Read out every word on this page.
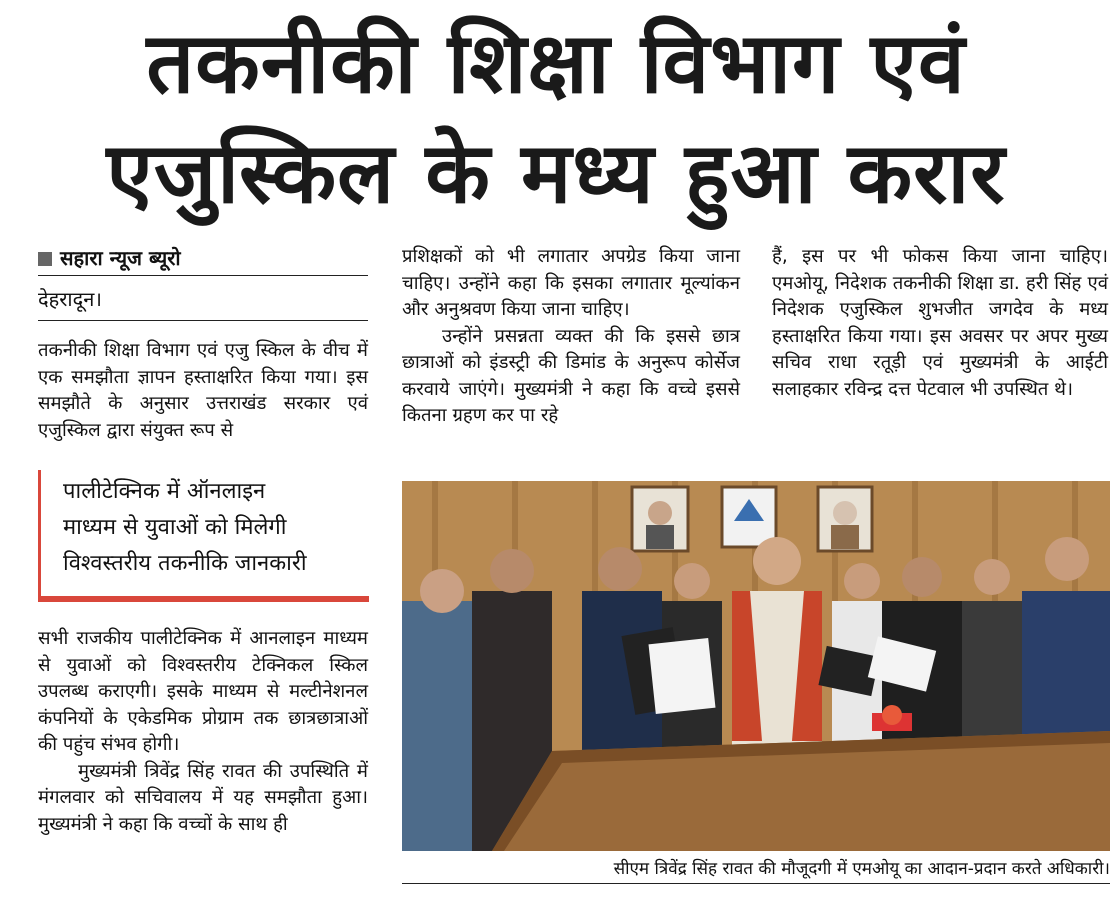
तकनीकी शिक्षा विभाग एवं
एजुस्किल के मध्य हुआ करार
सहारा न्यूज ब्यूरो
देहरादून।

तकनीकी शिक्षा विभाग एवं एजु स्किल के वीच में एक समझौता ज्ञापन हस्ताक्षरित किया गया। इस समझौते के अनुसार उत्तराखंड सरकार एवं एजुस्किल द्वारा संयुक्त रूप से

पालीटेक्निक में ऑनलाइन
माध्यम से युवाओं को मिलेगी
विश्वस्तरीय तकनीकि जानकारी

सभी राजकीय पालीटेक्निक में आनलाइन माध्यम से युवाओं को विश्वस्तरीय टेक्निकल स्किल उपलब्ध कराएगी। इसके माध्यम से मल्टीनेशनल कंपनियों के एकेडमिक प्रोग्राम तक छात्रछात्राओं की पहुंच संभव होगी।

मुख्यमंत्री त्रिवेंद्र सिंह रावत की उपस्थिति में मंगलवार को सचिवालय में यह समझौता हुआ। मुख्यमंत्री ने कहा कि वच्चों के साथ ही

प्रशिक्षकों को भी लगातार अपग्रेड किया जाना चाहिए। उन्होंने कहा कि इसका लगातार मूल्यांकन और अनुश्रवण किया जाना चाहिए।

उन्होंने प्रसन्नता व्यक्त की कि इससे छात्र छात्राओं को इंडस्ट्री की डिमांड के अनुरूप कोर्सेज करवाये जाएंगे। मुख्यमंत्री ने कहा कि वच्चे इससे कितना ग्रहण कर पा रहे

हैं, इस पर भी फोकस किया जाना चाहिए। एमओयू, निदेशक तकनीकी शिक्षा डा. हरी सिंह एवं निदेशक एजुस्किल शुभजीत जगदेव के मध्य हस्ताक्षरित किया गया। इस अवसर पर अपर मुख्य सचिव राधा रतूड़ी एवं मुख्यमंत्री के आईटी सलाहकार रविन्द्र दत्त पेटवाल भी उपस्थित थे।

सीएम त्रिवेंद्र सिंह रावत की मौजूदगी में एमओयू का आदान-प्रदान करते अधिकारी।
